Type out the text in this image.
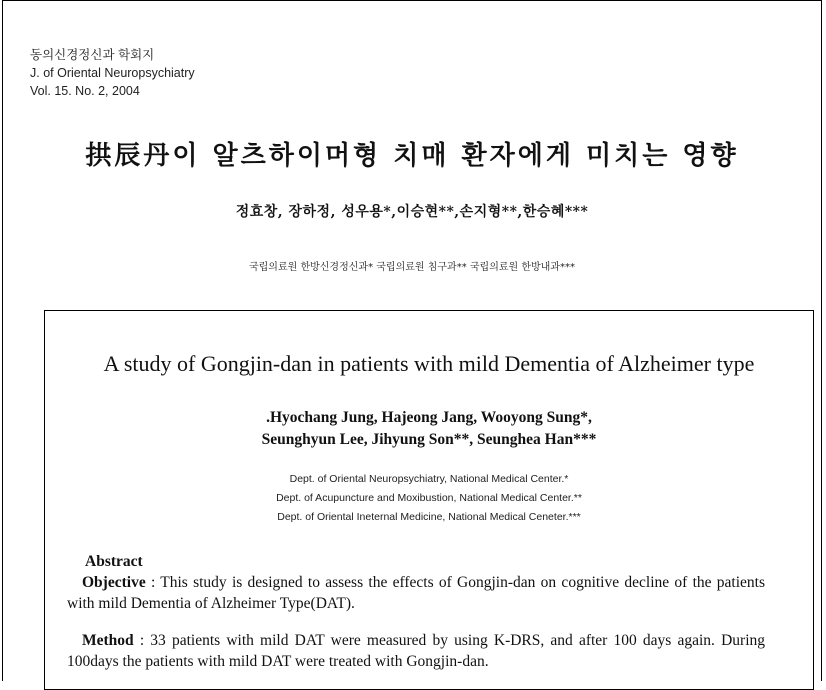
동의신경정신과 학회지
J. of Oriental Neuropsychiatry
Vol. 15. No. 2, 2004
拱辰丹이 알츠하이머형 치매 환자에게 미치는 영향
정효창, 장하정, 성우용*,이승현**,손지형**,한승혜***
국립의료원 한방신경정신과* 국립의료원 침구과** 국립의료원 한방내과***
A study of Gongjin-dan in patients with mild Dementia of Alzheimer type
.Hyochang Jung, Hajeong Jang, Wooyong Sung*,
Seunghyun Lee, Jihyung Son**, Seunghea Han***
Dept. of Oriental Neuropsychiatry, National Medical Center.*
Dept. of Acupuncture and Moxibustion, National Medical Center.**
Dept. of Oriental Ineternal Medicine, National Medical Ceneter.***
Abstract

Objective : This study is designed to assess the effects of Gongjin-dan on cognitive decline of the patients with mild Dementia of Alzheimer Type(DAT).

Method : 33 patients with mild DAT were measured by using K-DRS, and after 100 days again. During 100days the patients with mild DAT were treated with Gongjin-dan.
